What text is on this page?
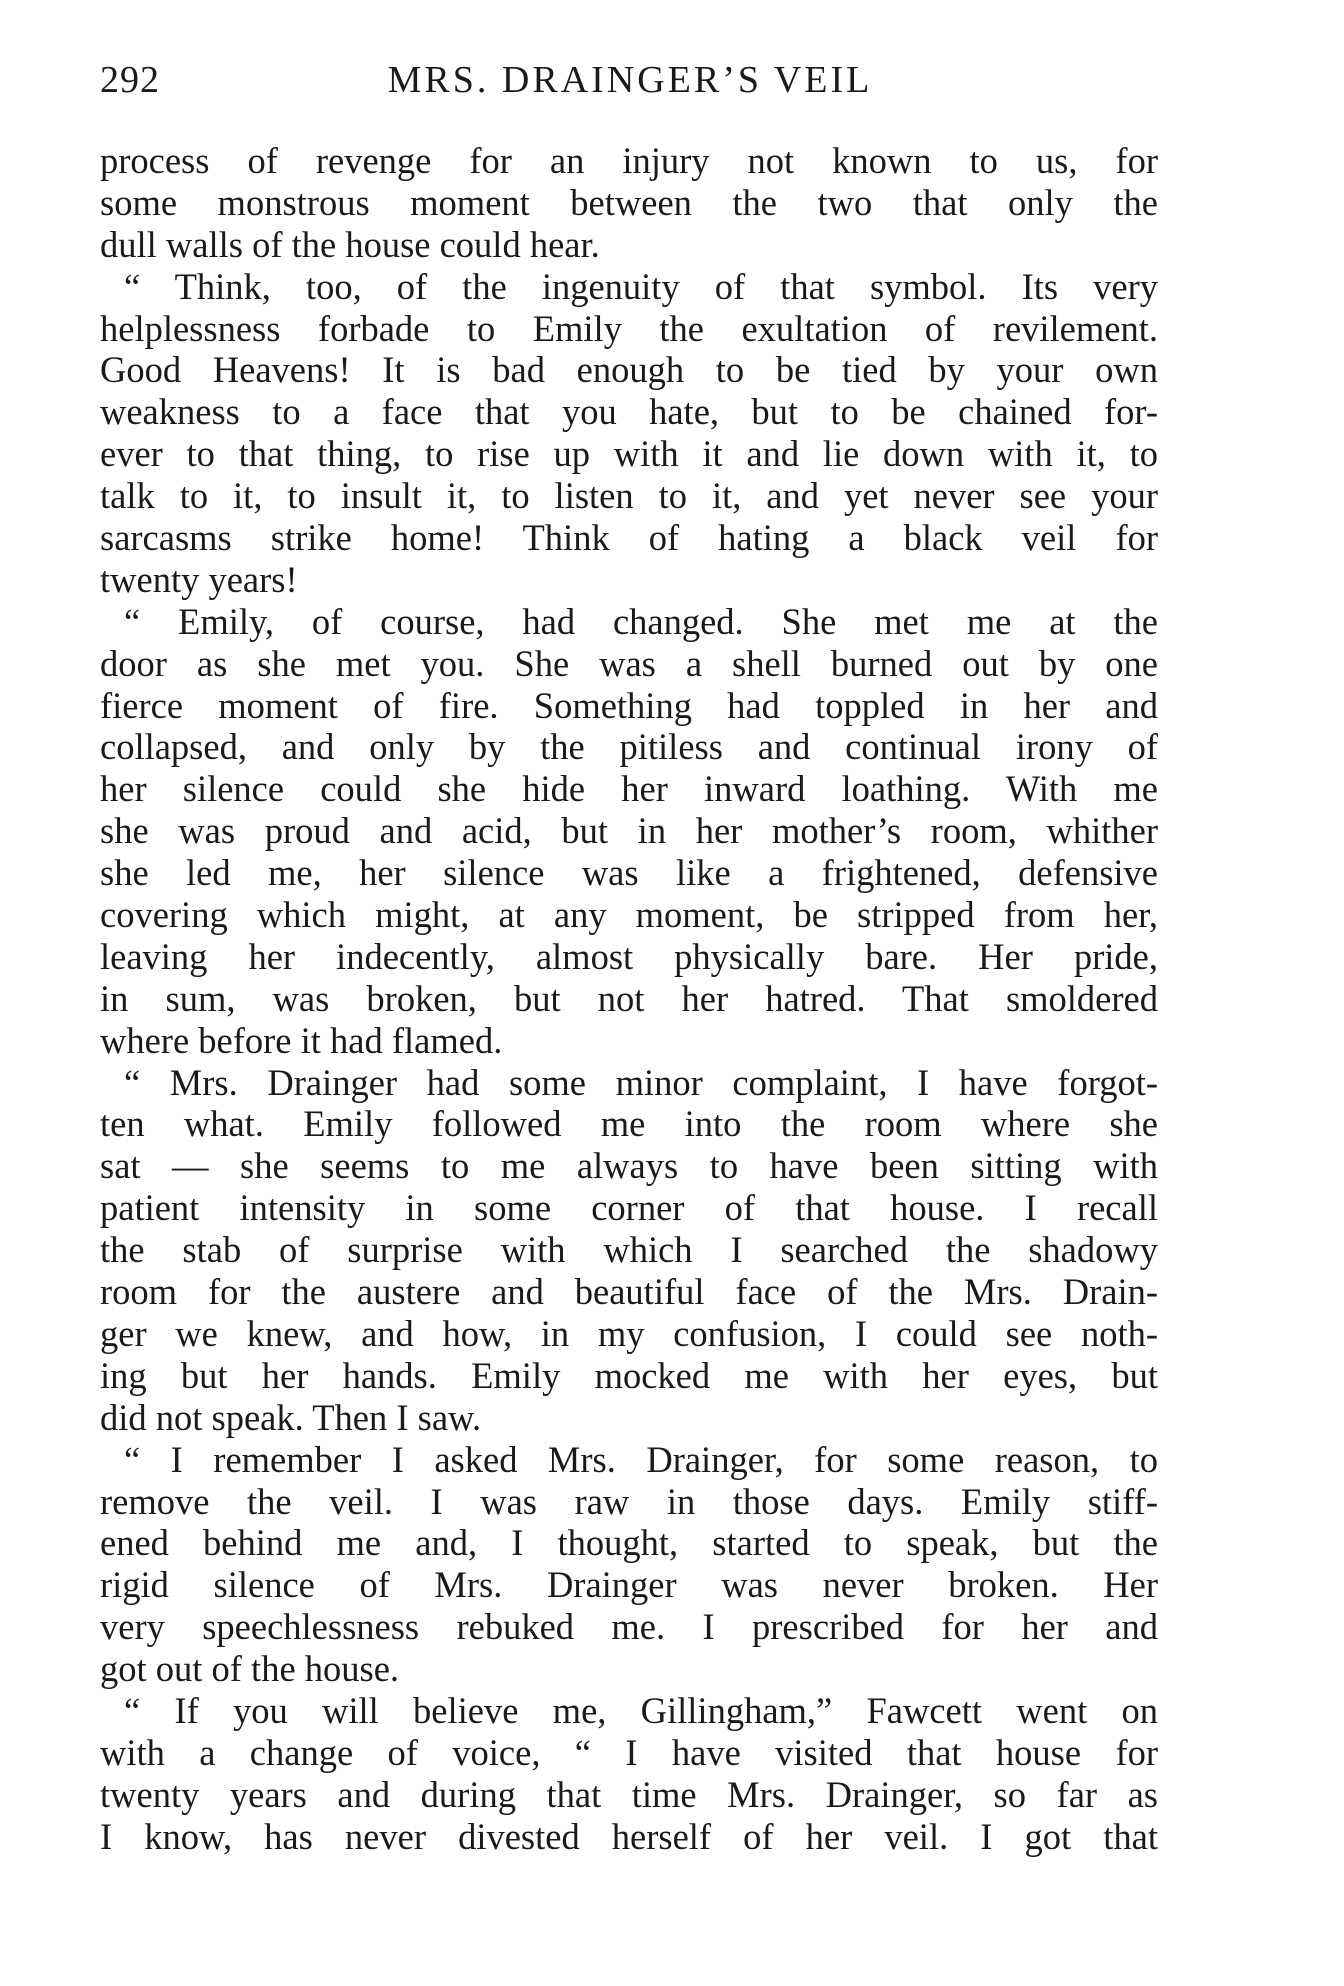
292	MRS. DRAINGER’S VEIL
process of revenge for an injury not known to us, for
some monstrous moment between the two that only the
dull walls of the house could hear.
“ Think, too, of the ingenuity of that symbol. Its very
helplessness forbade to Emily the exultation of revilement.
Good Heavens! It is bad enough to be tied by your own
weakness to a face that you hate, but to be chained for-
ever to that thing, to rise up with it and lie down with it, to
talk to it, to insult it, to listen to it, and yet never see your
sarcasms strike home! Think of hating a black veil for
twenty years!
“ Emily, of course, had changed. She met me at the
door as she met you. She was a shell burned out by one
fierce moment of fire. Something had toppled in her and
collapsed, and only by the pitiless and continual irony of
her silence could she hide her inward loathing. With me
she was proud and acid, but in her mother’s room, whither
she led me, her silence was like a frightened, defensive
covering which might, at any moment, be stripped from her,
leaving her indecently, almost physically bare. Her pride,
in sum, was broken, but not her hatred. That smoldered
where before it had flamed.
“ Mrs. Drainger had some minor complaint, I have forgot-
ten what. Emily followed me into the room where she
sat — she seems to me always to have been sitting with
patient intensity in some corner of that house. I recall
the stab of surprise with which I searched the shadowy
room for the austere and beautiful face of the Mrs. Drain-
ger we knew, and how, in my confusion, I could see noth-
ing but her hands. Emily mocked me with her eyes, but
did not speak. Then I saw.
“ I remember I asked Mrs. Drainger, for some reason, to
remove the veil. I was raw in those days. Emily stiff-
ened behind me and, I thought, started to speak, but the
rigid silence of Mrs. Drainger was never broken. Her
very speechlessness rebuked me. I prescribed for her and
got out of the house.
“ If you will believe me, Gillingham,” Fawcett went on
with a change of voice, “ I have visited that house for
twenty years and during that time Mrs. Drainger, so far as
I know, has never divested herself of her veil. I got that
